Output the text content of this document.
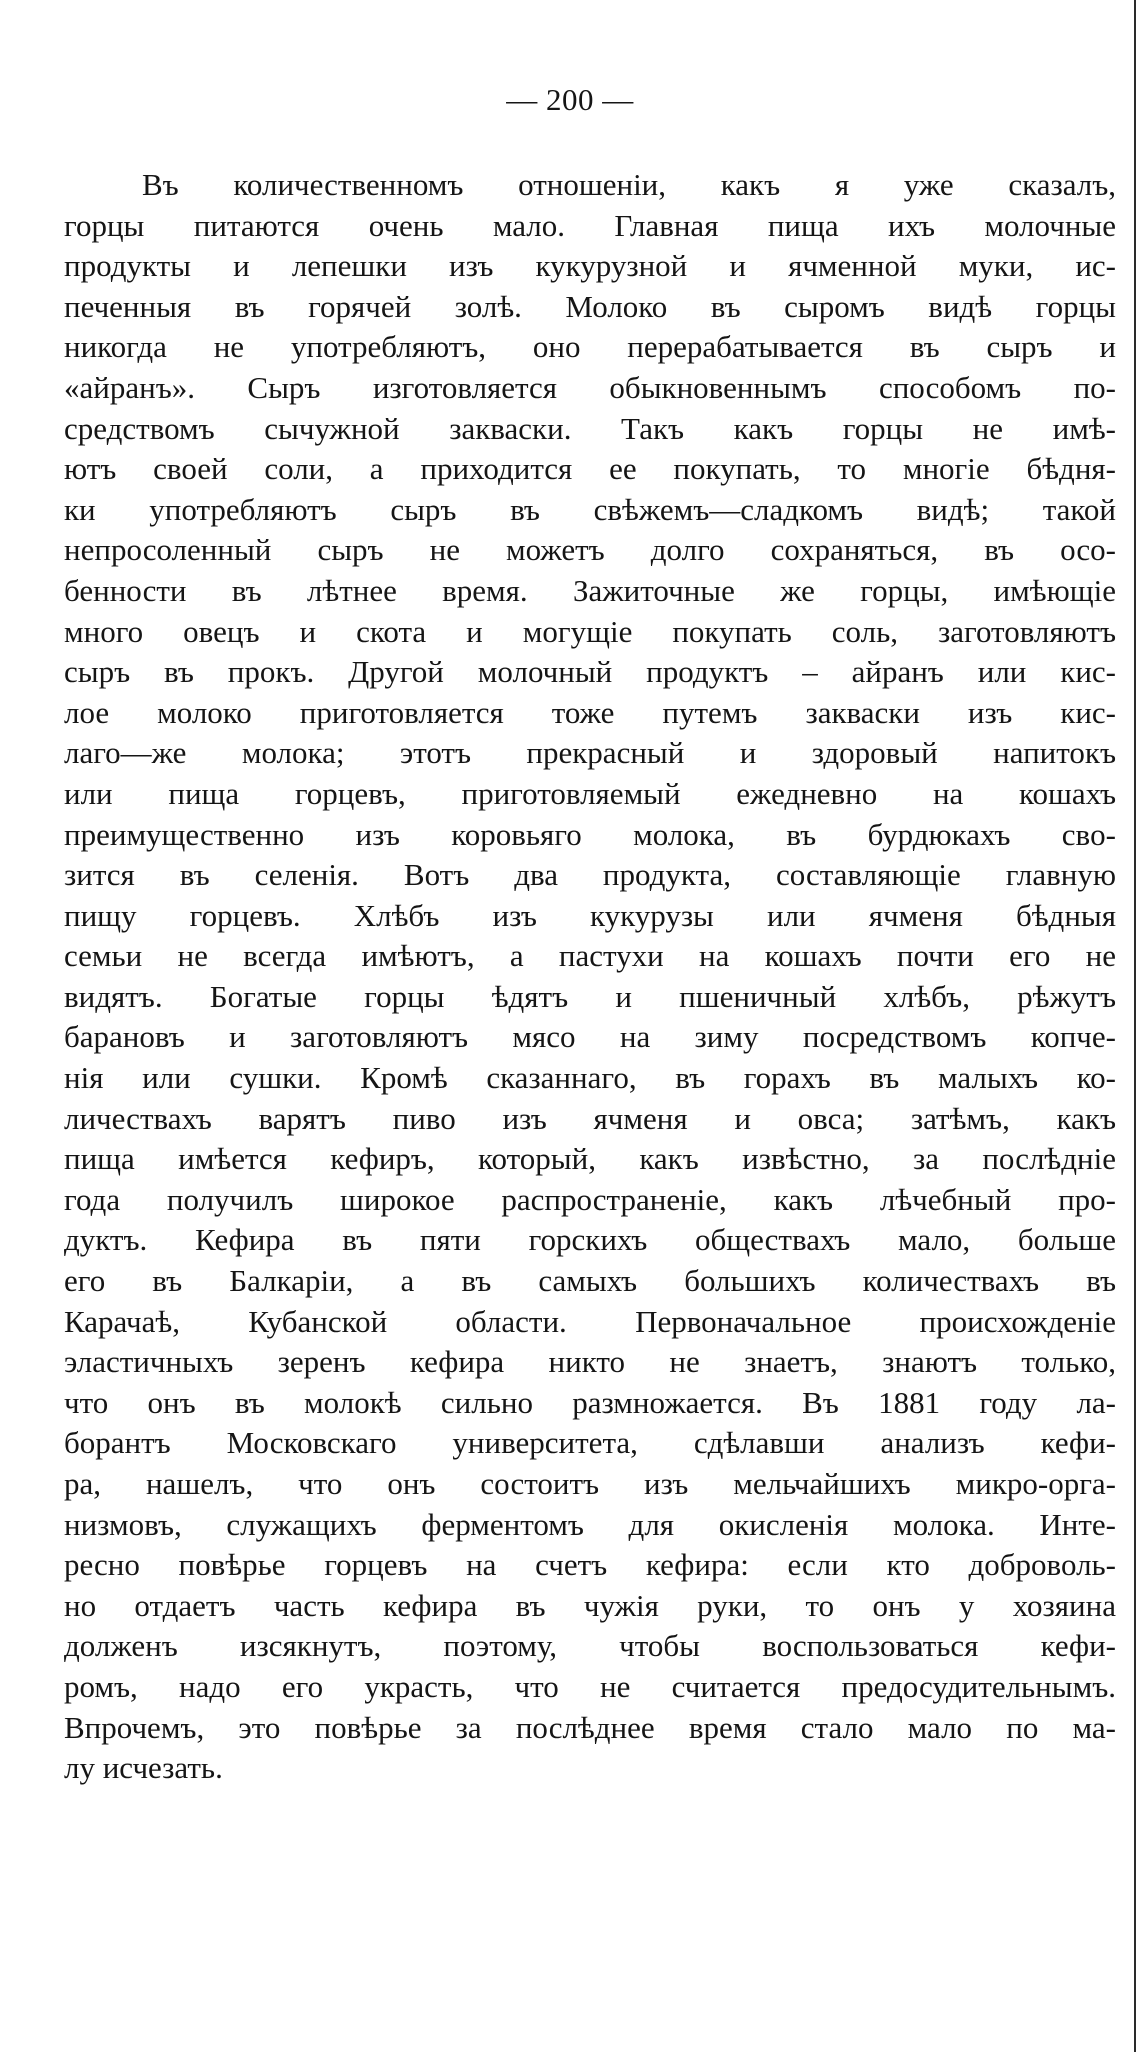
— 200 —
Въ количественномъ отношеніи, какъ я уже сказалъ,
горцы питаются очень мало. Главная пища ихъ молочные
продукты и лепешки изъ кукурузной и ячменной муки, ис-
печенныя въ горячей золѣ. Молоко въ сыромъ видѣ горцы
никогда не употребляютъ, оно перерабатывается въ сыръ и
«айранъ». Сыръ изготовляется обыкновеннымъ способомъ по-
средствомъ сычужной закваски. Такъ какъ горцы не имѣ-
ютъ своей соли, а приходится ее покупать, то многіе бѣдня-
ки употребляютъ сыръ въ свѣжемъ—сладкомъ видѣ; такой
непросоленный сыръ не можетъ долго сохраняться, въ осо-
бенности въ лѣтнее время. Зажиточные же горцы, имѣющіе
много овецъ и скота и могущіе покупать соль, заготовляютъ
сыръ въ прокъ. Другой молочный продуктъ – айранъ или кис-
лое молоко приготовляется тоже путемъ закваски изъ кис-
лаго—же молока; этотъ прекрасный и здоровый напитокъ
или пища горцевъ, приготовляемый ежедневно на кошахъ
преимущественно изъ коровьяго молока, въ бурдюкахъ свo-
зится въ селенія. Вотъ два продукта, составляющіе главную
пищу горцевъ. Хлѣбъ изъ кукурузы или ячменя бѣдныя
семьи не всегда имѣютъ, а пастухи на кошахъ почти его не
видятъ. Богатые горцы ѣдятъ и пшеничный хлѣбъ, рѣжутъ
барановъ и заготовляютъ мясо на зиму посредствомъ копче-
нія или сушки. Кромѣ сказаннаго, въ горахъ въ малыхъ ко-
личествахъ варятъ пиво изъ ячменя и овса; затѣмъ, какъ
пища имѣется кефиръ, который, какъ извѣстно, за послѣдніе
года получилъ широкое распространеніе, какъ лѣчебный про-
дуктъ. Кефира въ пяти горскихъ обществахъ мало, больше
его въ Балкаріи, а въ самыхъ большихъ количествахъ въ
Карачаѣ, Кубанской области. Первоначальное происхожденіе
эластичныхъ зеренъ кефира никто не знаетъ, знаютъ только,
что онъ въ молокѣ сильно размножается. Въ 1881 году ла-
борантъ Московскаго университета, сдѣлавши анализъ кефи-
ра, нашелъ, что онъ состоитъ изъ мельчайшихъ микро-орга-
низмовъ, служащихъ ферментомъ для окисленія молока. Инте-
ресно повѣрье горцевъ на счетъ кефира: если кто доброволь-
но отдаетъ часть кефира въ чужія руки, то онъ у хозяина
долженъ изсякнутъ, поэтому, чтобы воспользоваться кефи-
ромъ, надо его украсть, что не считается предосудительнымъ.
Впрочемъ, это повѣрье за послѣднее время стало мало по ма-
лу исчезать.
